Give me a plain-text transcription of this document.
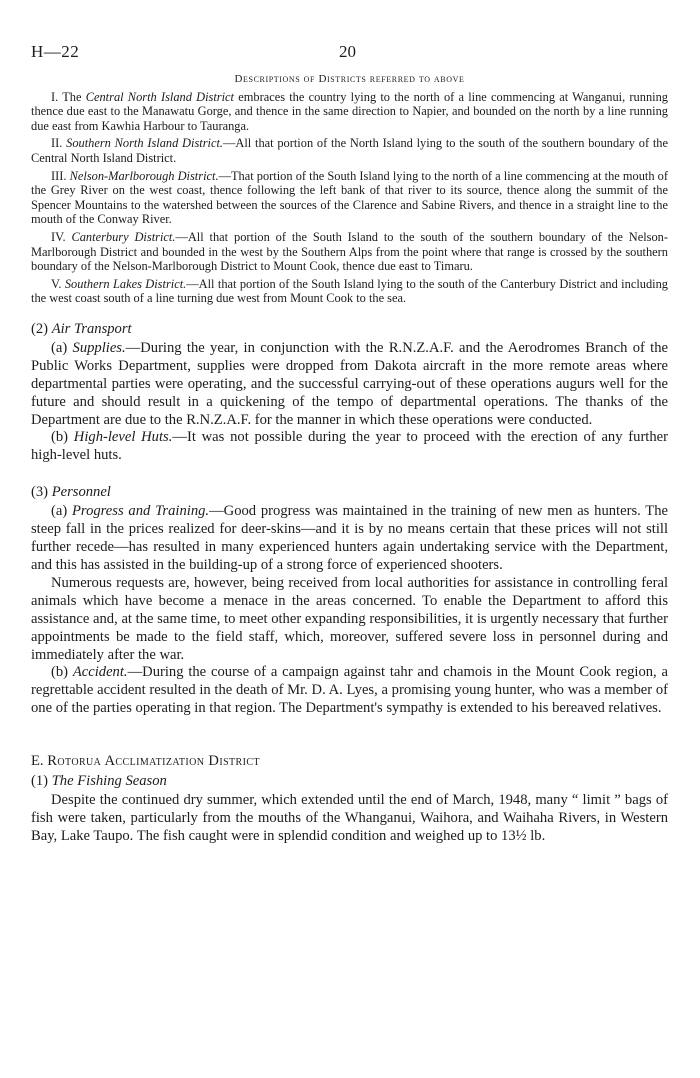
H—22	20
Descriptions of Districts referred to above

I. The Central North Island District embraces the country lying to the north of a line commencing at Wanganui, running thence due east to the Manawatu Gorge, and thence in the same direction to Napier, and bounded on the north by a line running due east from Kawhia Harbour to Tauranga.

II. Southern North Island District.—All that portion of the North Island lying to the south of the southern boundary of the Central North Island District.

III. Nelson-Marlborough District.—That portion of the South Island lying to the north of a line commencing at the mouth of the Grey River on the west coast, thence following the left bank of that river to its source, thence along the summit of the Spencer Mountains to the watershed between the sources of the Clarence and Sabine Rivers, and thence in a straight line to the mouth of the Conway River.

IV. Canterbury District.—All that portion of the South Island to the south of the southern boundary of the Nelson-Marlborough District and bounded in the west by the Southern Alps from the point where that range is crossed by the southern boundary of the Nelson-Marlborough District to Mount Cook, thence due east to Timaru.

V. Southern Lakes District.—All that portion of the South Island lying to the south of the Canterbury District and including the west coast south of a line turning due west from Mount Cook to the sea.

(2) Air Transport

(a) Supplies.—During the year, in conjunction with the R.N.Z.A.F. and the Aerodromes Branch of the Public Works Department, supplies were dropped from Dakota aircraft in the more remote areas where departmental parties were operating, and the successful carrying-out of these operations augurs well for the future and should result in a quickening of the tempo of departmental operations. The thanks of the Department are due to the R.N.Z.A.F. for the manner in which these operations were conducted.

(b) High-level Huts.—It was not possible during the year to proceed with the erection of any further high-level huts.

(3) Personnel

(a) Progress and Training.—Good progress was maintained in the training of new men as hunters. The steep fall in the prices realized for deer-skins—and it is by no means certain that these prices will not still further recede—has resulted in many experienced hunters again undertaking service with the Department, and this has assisted in the building-up of a strong force of experienced shooters.

Numerous requests are, however, being received from local authorities for assistance in controlling feral animals which have become a menace in the areas concerned. To enable the Department to afford this assistance and, at the same time, to meet other expanding responsibilities, it is urgently necessary that further appointments be made to the field staff, which, moreover, suffered severe loss in personnel during and immediately after the war.

(b) Accident.—During the course of a campaign against tahr and chamois in the Mount Cook region, a regrettable accident resulted in the death of Mr. D. A. Lyes, a promising young hunter, who was a member of one of the parties operating in that region. The Department's sympathy is extended to his bereaved relatives.

E. Rotorua Acclimatization District
(1) The Fishing Season

Despite the continued dry summer, which extended until the end of March, 1948, many “ limit ” bags of fish were taken, particularly from the mouths of the Whanganui, Waihora, and Waihaha Rivers, in Western Bay, Lake Taupo. The fish caught were in splendid condition and weighed up to 13½ lb.
